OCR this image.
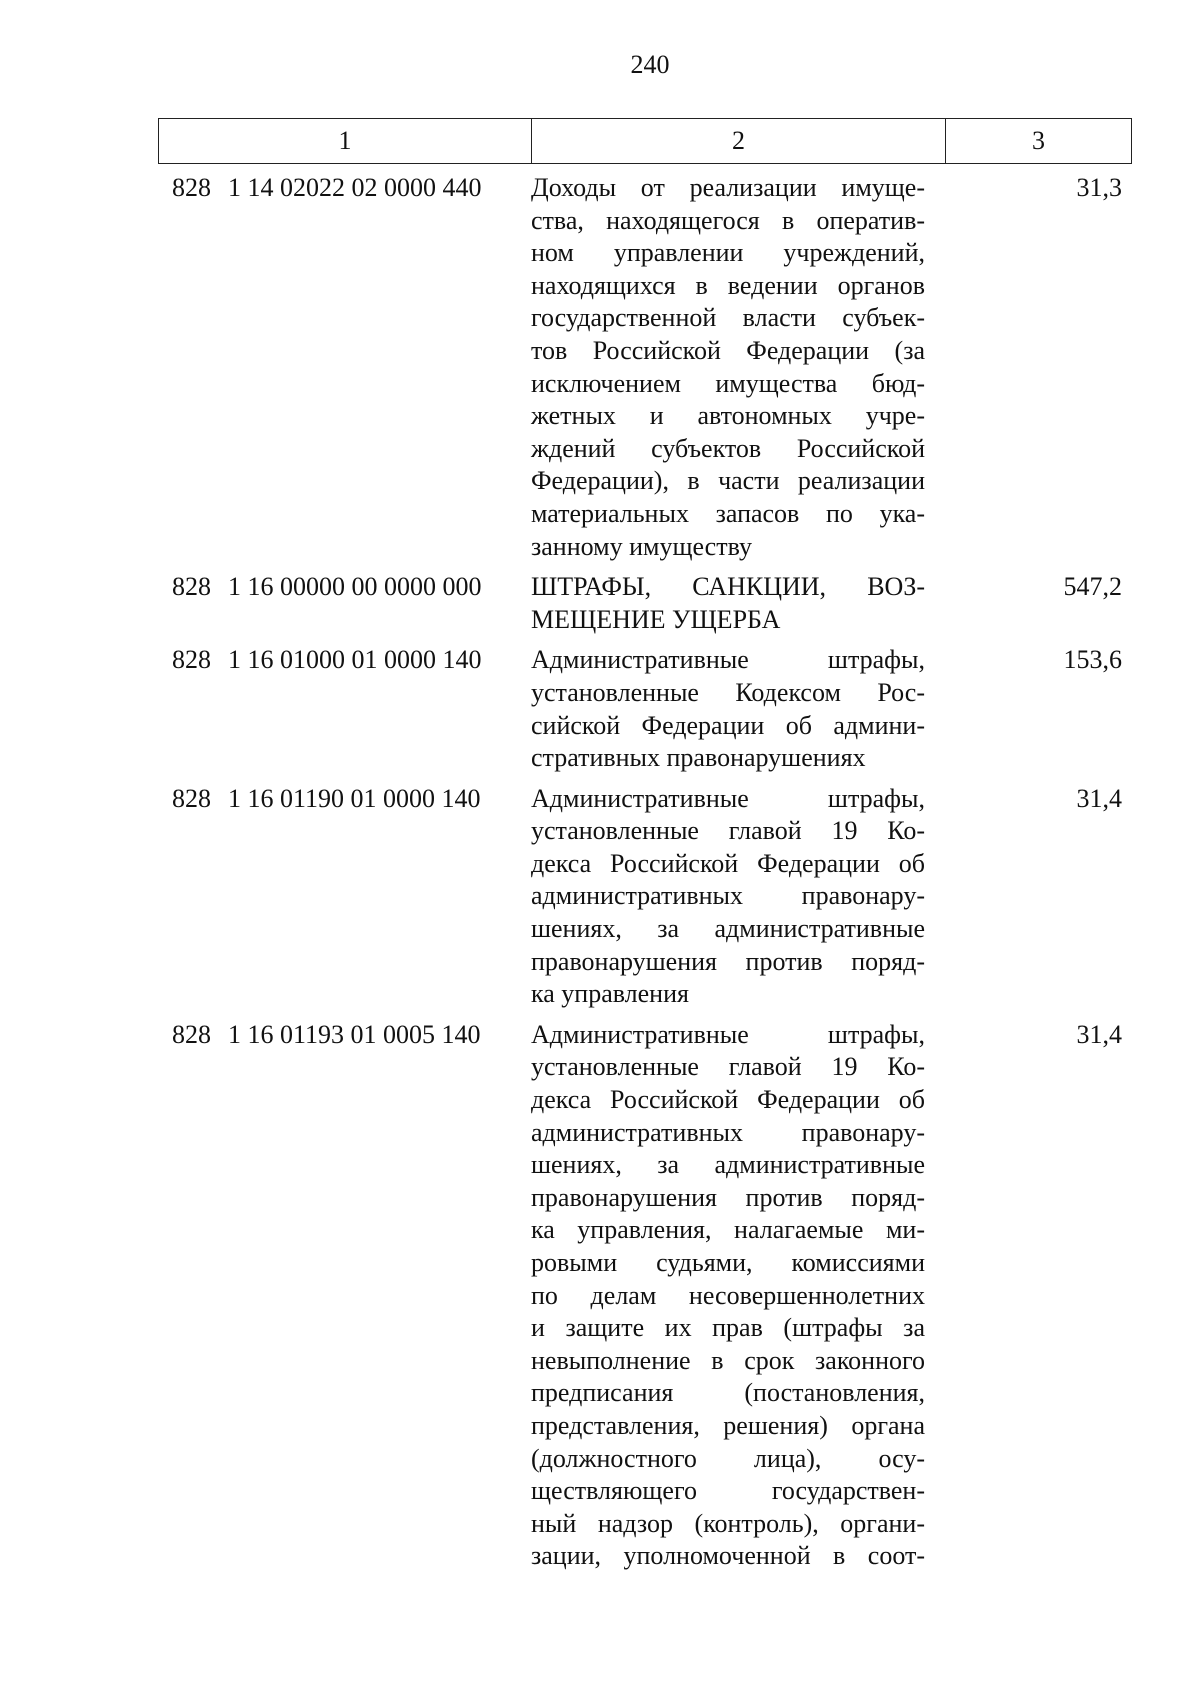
240
1	2	3
828 1 14 02022 02 0000 440	Доходы от реализации имуще-
ства, находящегося в оператив-
ном управлении учреждений,
находящихся в ведении органов
государственной власти субъек-
тов Российской Федерации (за
исключением имущества бюд-
жетных и автономных учре-
ждений субъектов Российской
Федерации), в части реализации
материальных запасов по ука-
занному имуществу
31,3
828 1 16 00000 00 0000 000	ШТРАФЫ, САНКЦИИ, ВОЗ-
МЕЩЕНИЕ УЩЕРБА
547,2
828 1 16 01000 01 0000 140	Административные штрафы,
установленные Кодексом Рос-
сийской Федерации об админи-
стративных правонарушениях
153,6
828 1 16 01190 01 0000 140	Административные штрафы,
установленные главой 19 Ко-
декса Российской Федерации об
административных правонару-
шениях, за административные
правонарушения против поряд-
ка управления
31,4
828 1 16 01193 01 0005 140	Административные штрафы,
установленные главой 19 Ко-
декса Российской Федерации об
административных правонару-
шениях, за административные
правонарушения против поряд-
ка управления, налагаемые ми-
ровыми судьями, комиссиями
по делам несовершеннолетних
и защите их прав (штрафы за
невыполнение в срок законного
предписания (постановления,
представления, решения) органа
(должностного лица), осу-
ществляющего государствен-
ный надзор (контроль), органи-
зации, уполномоченной в соот-
31,4
